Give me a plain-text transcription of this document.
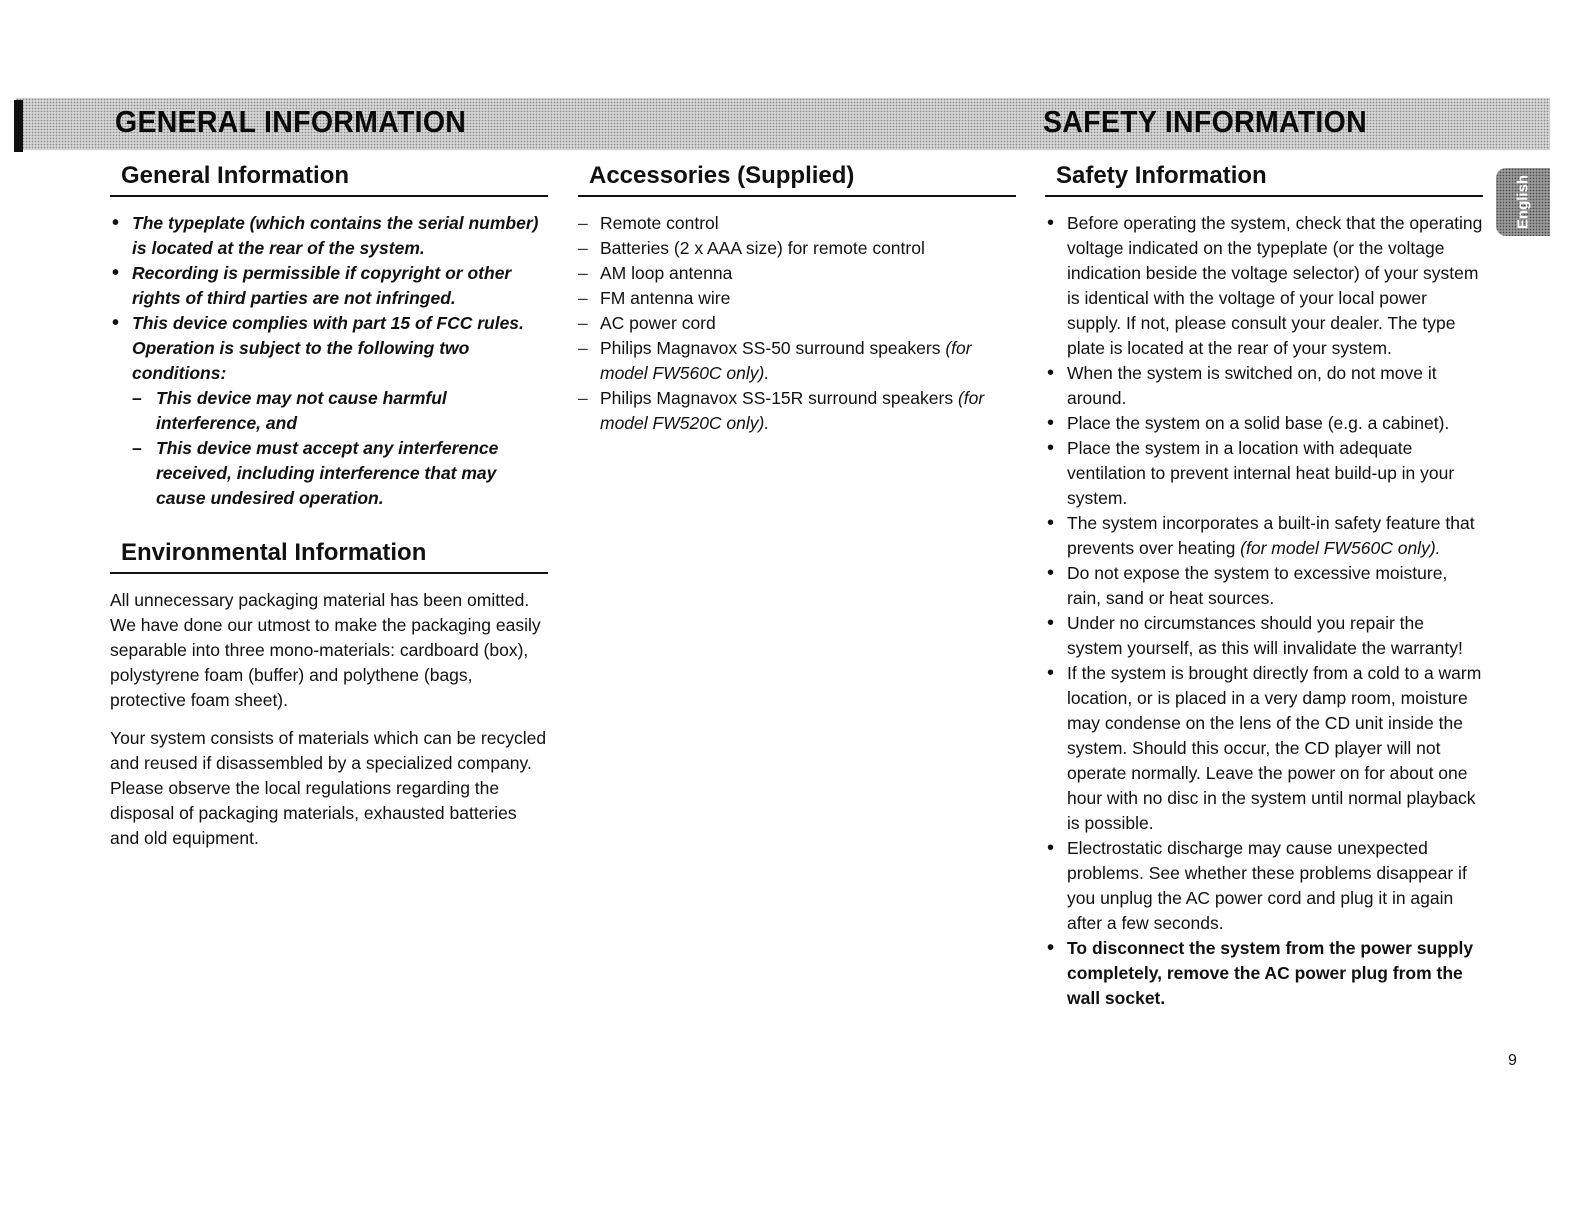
GENERAL INFORMATION	SAFETY INFORMATION
English
General Information
• The typeplate (which contains the serial number) is located at the rear of the system.
• Recording is permissible if copyright or other rights of third parties are not infringed.
• This device complies with part 15 of FCC rules. Operation is subject to the following two conditions:
– This device may not cause harmful interference, and
– This device must accept any interference received, including interference that may cause undesired operation.
Environmental Information

All unnecessary packaging material has been omitted. We have done our utmost to make the packaging easily separable into three mono-materials: cardboard (box), polystyrene foam (buffer) and polythene (bags, protective foam sheet).

Your system consists of materials which can be recycled and reused if disassembled by a specialized company. Please observe the local regulations regarding the disposal of packaging materials, exhausted batteries and old equipment.

Accessories (Supplied)
– Remote control
– Batteries (2 x AAA size) for remote control
– AM loop antenna
– FM antenna wire
– AC power cord
– Philips Magnavox SS-50 surround speakers (for model FW560C only).
– Philips Magnavox SS-15R surround speakers (for model FW520C only).
Safety Information
• Before operating the system, check that the operating voltage indicated on the typeplate (or the voltage indication beside the voltage selector) of your system is identical with the voltage of your local power supply. If not, please consult your dealer. The type plate is located at the rear of your system.
• When the system is switched on, do not move it around.
• Place the system on a solid base (e.g. a cabinet).
• Place the system in a location with adequate ventilation to prevent internal heat build-up in your system.
• The system incorporates a built-in safety feature that prevents over heating (for model FW560C only).
• Do not expose the system to excessive moisture, rain, sand or heat sources.
• Under no circumstances should you repair the system yourself, as this will invalidate the warranty!
• If the system is brought directly from a cold to a warm location, or is placed in a very damp room, moisture may condense on the lens of the CD unit inside the system. Should this occur, the CD player will not operate normally. Leave the power on for about one hour with no disc in the system until normal playback is possible.
• Electrostatic discharge may cause unexpected problems. See whether these problems disappear if you unplug the AC power cord and plug it in again after a few seconds.
• To disconnect the system from the power supply completely, remove the AC power plug from the wall socket.
9
